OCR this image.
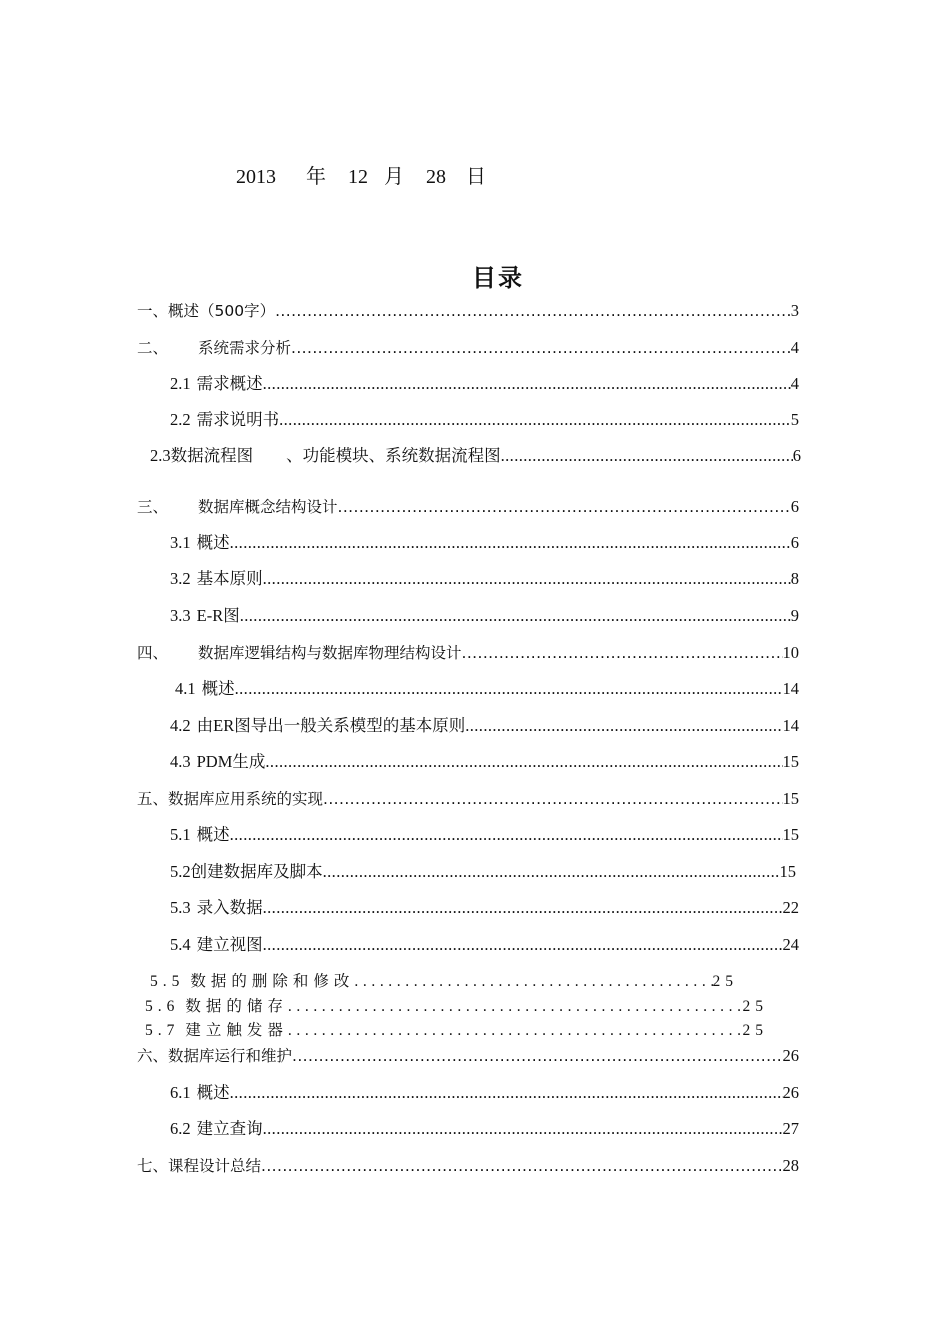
2013 年 12 月 28 日
目录
一、概述（500字） .....	3
二、 系统需求分析 .....	4
2.1 需求概述 .....	4
2.2 需求说明书 .....	5
2.3数据流程图　　、功能模块、系统数据流程图 .....	6
三、 数据库概念结构设计 .....	6
3.1 概述 .....	6
3.2 基本原则 .....	8
3.3 E-R图 .....	9
四、 数据库逻辑结构与数据库物理结构设计 .....	10
4.1 概述 .....	14
4.2 由ER图导出一般关系模型的基本原则 .....	14
4.3 PDM生成 .....	15
五、数据库应用系统的实现 .....	15
5.1 概述 .....	15
5.2创建数据库及脚本 .....	15
5.3 录入数据 .....	22
5.4 建立视图 .....	24
5.5 数据的删除和修改 .....	25
5.6 数据的储存 .....	25
5.7 建立触发器 .....	25
六、数据库运行和维护 .....	26
6.1 概述 .....	26
6.2 建立查询 .....	27
七、课程设计总结 .....	28
